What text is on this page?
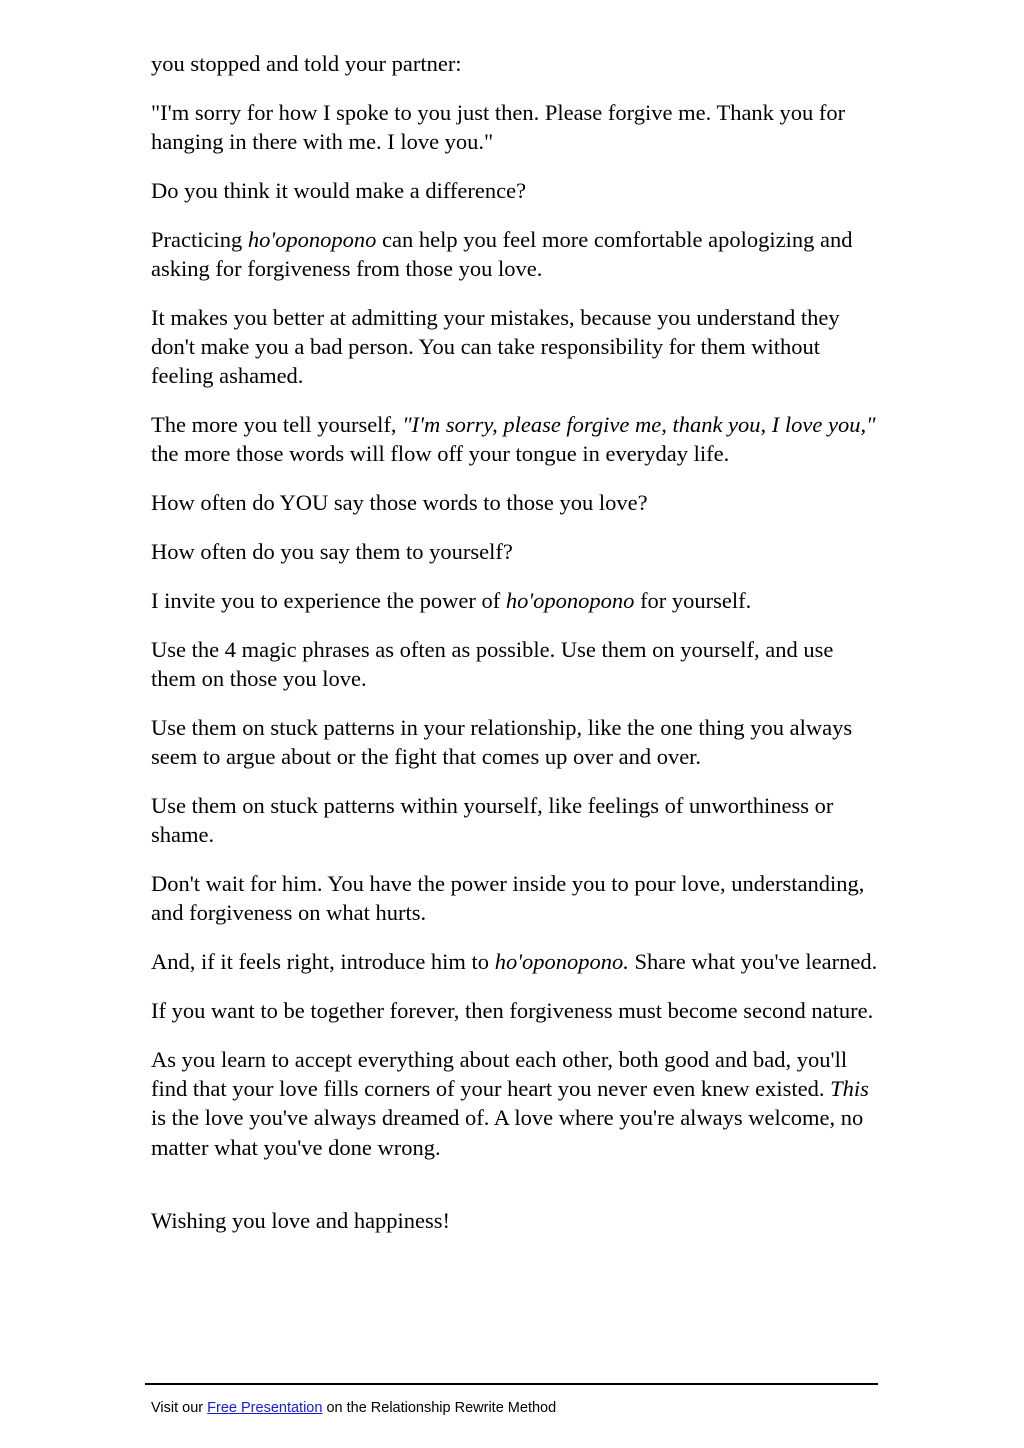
you stopped and told your partner:

"I'm sorry for how I spoke to you just then. Please forgive me. Thank you for hanging in there with me. I love you."

Do you think it would make a difference?

Practicing ho'oponopono can help you feel more comfortable apologizing and asking for forgiveness from those you love.

It makes you better at admitting your mistakes, because you understand they don't make you a bad person. You can take responsibility for them without feeling ashamed.

The more you tell yourself, "I'm sorry, please forgive me, thank you, I love you," the more those words will flow off your tongue in everyday life.

How often do YOU say those words to those you love?

How often do you say them to yourself?

I invite you to experience the power of ho'oponopono for yourself.

Use the 4 magic phrases as often as possible. Use them on yourself, and use them on those you love.

Use them on stuck patterns in your relationship, like the one thing you always seem to argue about or the fight that comes up over and over.

Use them on stuck patterns within yourself, like feelings of unworthiness or shame.

Don't wait for him. You have the power inside you to pour love, understanding, and forgiveness on what hurts.

And, if it feels right, introduce him to ho'oponopono. Share what you've learned.

If you want to be together forever, then forgiveness must become second nature.

As you learn to accept everything about each other, both good and bad, you'll find that your love fills corners of your heart you never even knew existed. This is the love you've always dreamed of. A love where you're always welcome, no matter what you've done wrong.

Wishing you love and happiness!

Visit our Free Presentation on the Relationship Rewrite Method
